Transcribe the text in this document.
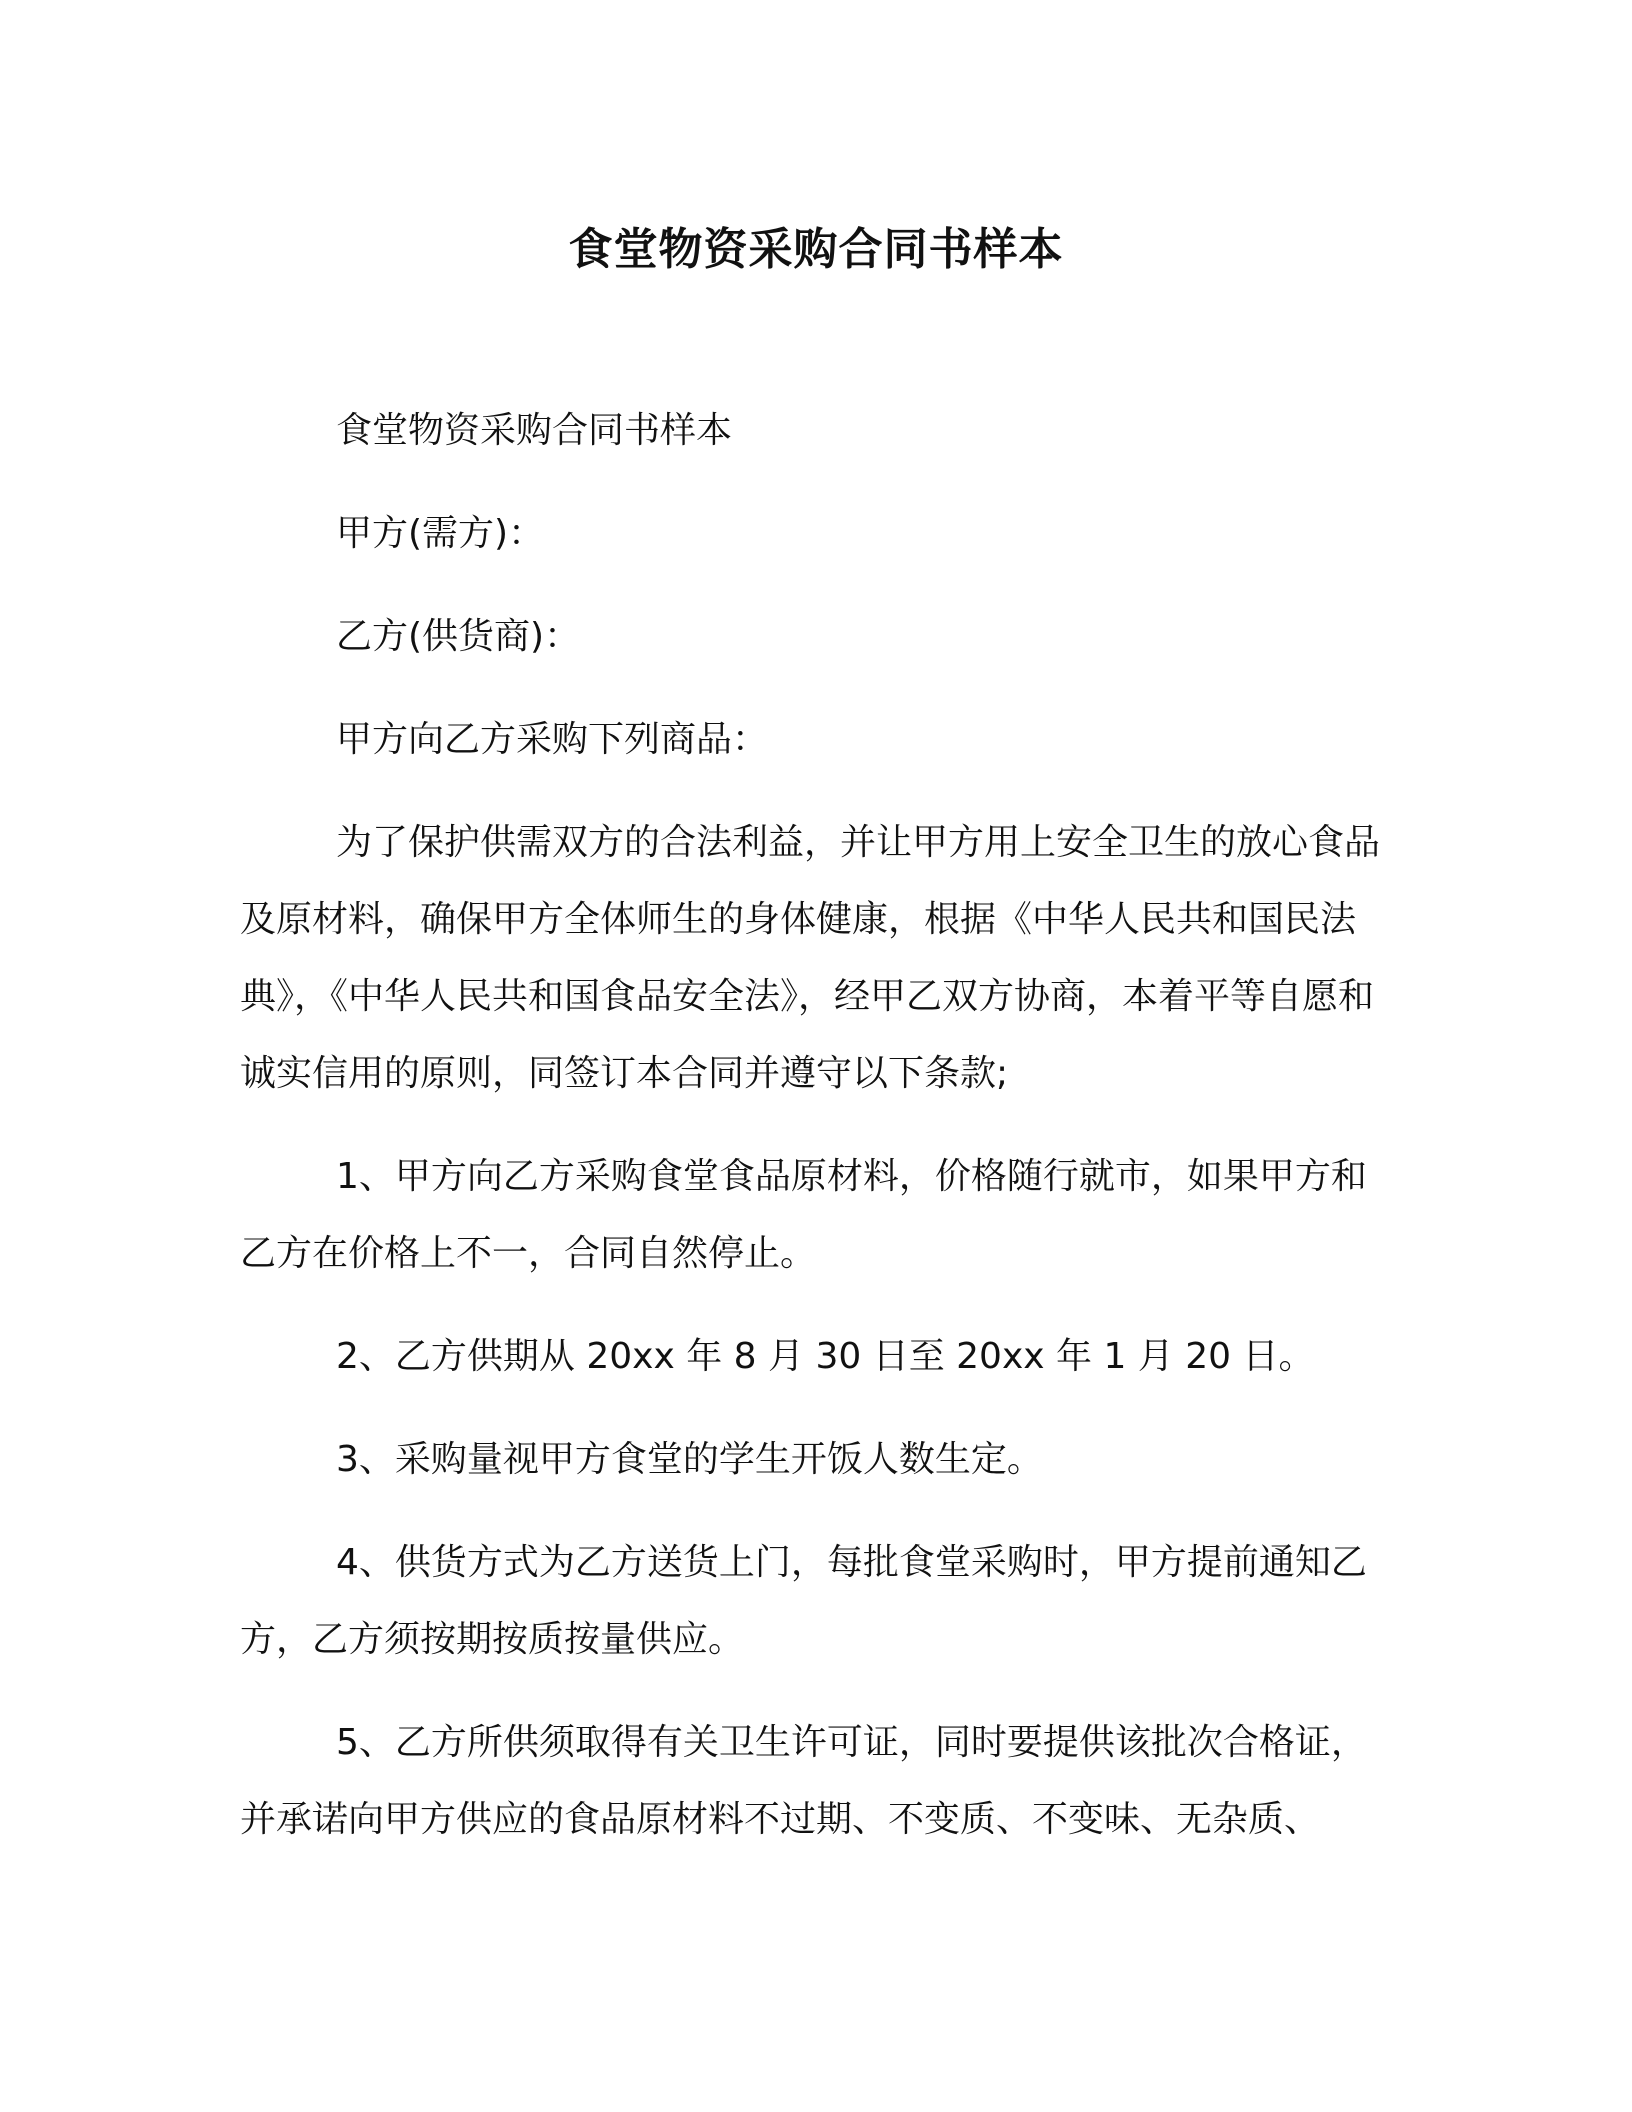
食堂物资采购合同书样本

食堂物资采购合同书样本

甲方(需方)：

乙方(供货商)：

甲方向乙方采购下列商品：

为了保护供需双方的合法利益，并让甲方用上安全卫生的放心食品及原材料，确保甲方全体师生的身体健康，根据《中华人民共和国民法典》，《中华人民共和国食品安全法》，经甲乙双方协商，本着平等自愿和诚实信用的原则，同签订本合同并遵守以下条款;

1、甲方向乙方采购食堂食品原材料，价格随行就市，如果甲方和乙方在价格上不一，合同自然停止。

2、乙方供期从 20xx 年 8 月 30 日至 20xx 年 1 月 20 日。

3、采购量视甲方食堂的学生开饭人数生定。

4、供货方式为乙方送货上门，每批食堂采购时，甲方提前通知乙方，乙方须按期按质按量供应。

5、乙方所供须取得有关卫生许可证，同时要提供该批次合格证，并承诺向甲方供应的食品原材料不过期、不变质、不变味、无杂质、
